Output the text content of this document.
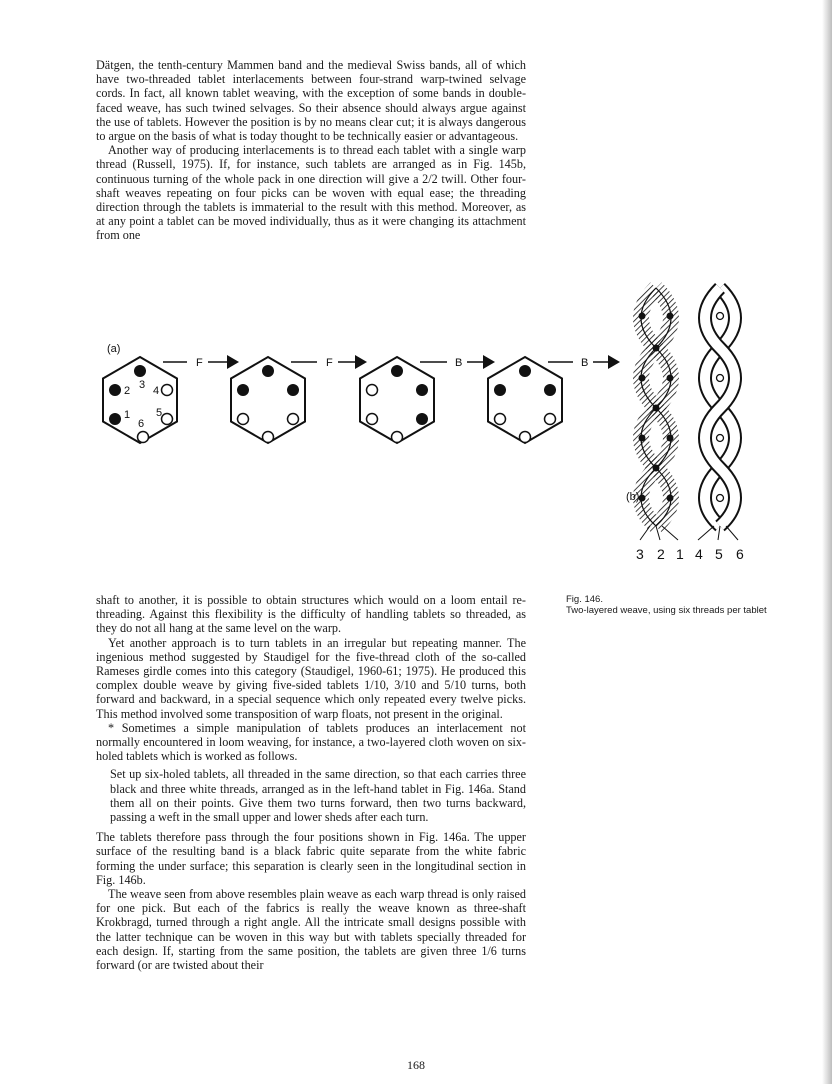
Dätgen, the tenth-century Mammen band and the medieval Swiss bands, all of which have two-threaded tablet interlacements between four-strand warp-twined selvage cords. In fact, all known tablet weaving, with the exception of some bands in double-faced weave, has such twined selvages. So their absence should always argue against the use of tablets. However the position is by no means clear cut; it is always dangerous to argue on the basis of what is today thought to be technically easier or advantageous.

Another way of producing interlacements is to thread each tablet with a single warp thread (Russell, 1975). If, for instance, such tablets are arranged as in Fig. 145b, continuous turning of the whole pack in one direction will give a 2/2 twill. Other four-shaft weaves repeating on four picks can be woven with equal ease; the threading direction through the tablets is immaterial to the result with this method. Moreover, as at any point a tablet can be moved individually, thus as it were changing its attachment from one

(a)
1
2 3 4
5
6
F	F	B	B
(b)
3 2 1 4 5 6
Fig. 146.
Two-layered weave, using six threads per tablet

shaft to another, it is possible to obtain structures which would on a loom entail re-threading. Against this flexibility is the difficulty of handling tablets so threaded, as they do not all hang at the same level on the warp.

Yet another approach is to turn tablets in an irregular but repeating manner. The ingenious method suggested by Staudigel for the five-thread cloth of the so-called Rameses girdle comes into this category (Staudigel, 1960-61; 1975). He produced this complex double weave by giving five-sided tablets 1/10, 3/10 and 5/10 turns, both forward and backward, in a special sequence which only repeated every twelve picks. This method involved some transposition of warp floats, not present in the original.

* Sometimes a simple manipulation of tablets produces an interlacement not normally encountered in loom weaving, for instance, a two-layered cloth woven on six-holed tablets which is worked as follows.

Set up six-holed tablets, all threaded in the same direction, so that each carries three black and three white threads, arranged as in the left-hand tablet in Fig. 146a. Stand them all on their points. Give them two turns forward, then two turns backward, passing a weft in the small upper and lower sheds after each turn.

The tablets therefore pass through the four positions shown in Fig. 146a. The upper surface of the resulting band is a black fabric quite separate from the white fabric forming the under surface; this separation is clearly seen in the longitudinal section in Fig. 146b.

The weave seen from above resembles plain weave as each warp thread is only raised for one pick. But each of the fabrics is really the weave known as three-shaft Krokbragd, turned through a right angle. All the intricate small designs possible with the latter technique can be woven in this way but with tablets specially threaded for each design. If, starting from the same position, the tablets are given three 1/6 turns forward (or are twisted about their

168
